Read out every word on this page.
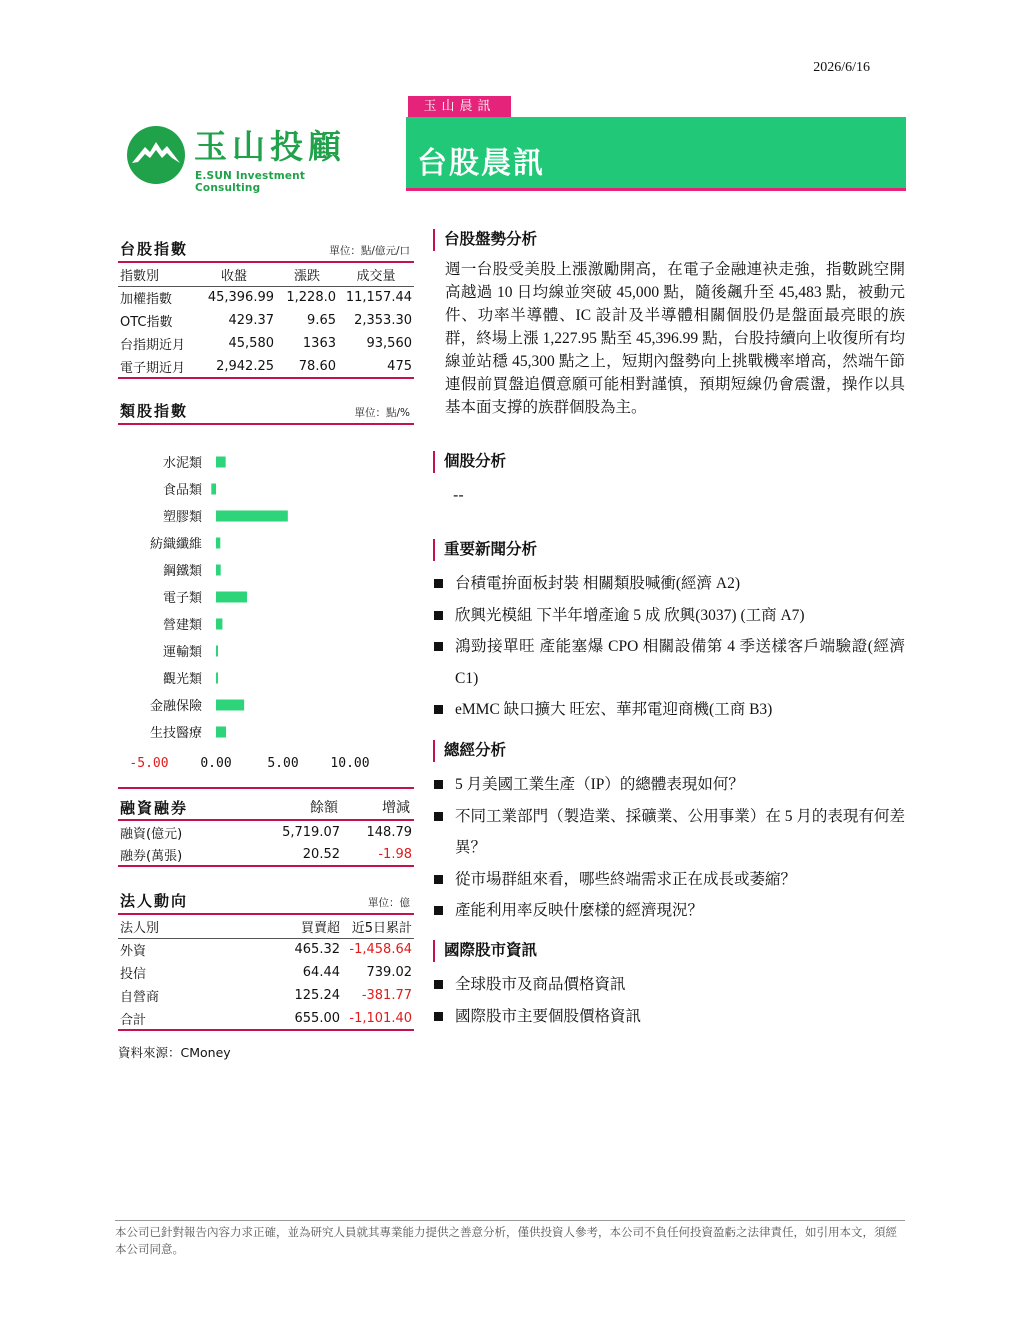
2026/6/16
玉山投顧
E.SUN Investment Consulting
玉山晨訊
台股晨訊
台股指數	單位：點/億元/口
指數別	收盤	漲跌	成交量
加權指數	45,396.99	1,228.0	11,157.44
OTC指數	429.37	9.65	2,353.30
台指期近月	45,580	1363	93,560
電子期近月	2,942.25	78.60	475
類股指數	單位：點/%
水泥類
食品類
塑膠類
紡織纖維
鋼鐵類
電子類
營建類
運輸類
觀光類
金融保險
生技醫療
-5.00 0.00	5.00 10.00
融資融券	餘額	增減
融資(億元)	5,719.07	148.79
融券(萬張)	20.52	-1.98
法人動向	單位：億
法人別	買賣超	近5日累計
外資	465.32	-1,458.64
投信	64.44	739.02
自營商	125.24	-381.77
合計	655.00	-1,101.40
資料來源：CMoney
台股盤勢分析
週一台股受美股上漲激勵開高，在電子金融連袂走強，指數跳空開高越過 10 日均線並突破 45,000 點，隨後飆升至 45,483 點，被動元件、功率半導體、IC 設計及半導體相關個股仍是盤面最亮眼的族群，終場上漲 1,227.95 點至 45,396.99 點，台股持續向上收復所有均線並站穩 45,300 點之上，短期內盤勢向上挑戰機率增高，然端午節連假前買盤追價意願可能相對謹慎，預期短線仍會震盪，操作以具基本面支撐的族群個股為主。
個股分析
--
重要新聞分析
台積電拚面板封裝 相關類股喊衝(經濟 A2)
欣興光模組 下半年增產逾 5 成 欣興(3037) (工商 A7)
鴻勁接單旺 產能塞爆 CPO 相關設備第 4 季送樣客戶端驗證(經濟 C1)
eMMC 缺口擴大 旺宏、華邦電迎商機(工商 B3)
總經分析
5 月美國工業生產（IP）的總體表現如何？
不同工業部門（製造業、採礦業、公用事業）在 5 月的表現有何差異？
從市場群組來看，哪些終端需求正在成長或萎縮？
產能利用率反映什麼樣的經濟現況？
國際股市資訊
全球股市及商品價格資訊
國際股市主要個股價格資訊
本公司已針對報告內容力求正確，並為研究人員就其專業能力提供之善意分析，僅供投資人參考，本公司不負任何投資盈虧之法律責任，如引用本文，須經本公司同意。
